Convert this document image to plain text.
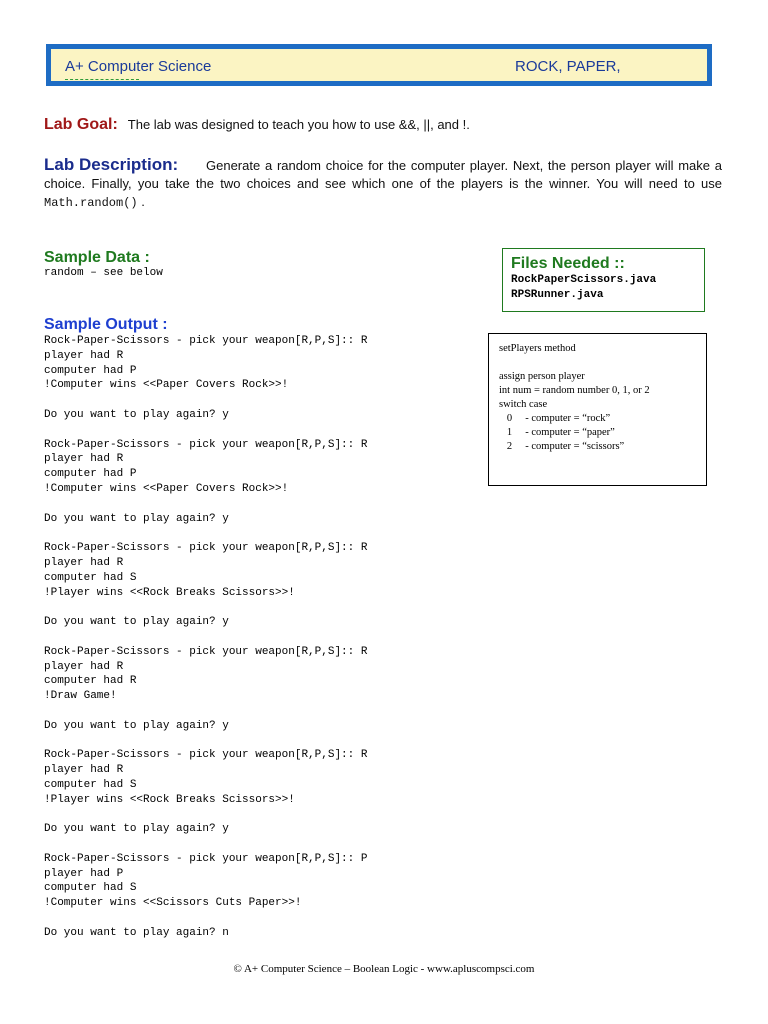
A+ Computer Science	ROCK, PAPER,
Lab Goal: The lab was designed to teach you how to use &&, ||, and !.
Lab Description:	Generate a random choice for the computer player. Next, the person player will make a choice. Finally, you take the two choices and see which one of the players is the winner. You will need to use Math.random() .
Sample Data :
random – see below
Files Needed ::
RockPaperScissors.java
RPSRunner.java
Sample Output :
Rock-Paper-Scissors - pick your weapon[R,P,S]:: R
player had R
computer had P
!Computer wins <<Paper Covers Rock>>!
Do you want to play again? y
Rock-Paper-Scissors - pick your weapon[R,P,S]:: R
player had R
computer had P
!Computer wins <<Paper Covers Rock>>!
Do you want to play again? y
Rock-Paper-Scissors - pick your weapon[R,P,S]:: R
player had R
computer had S
!Player wins <<Rock Breaks Scissors>>!
Do you want to play again? y
Rock-Paper-Scissors - pick your weapon[R,P,S]:: R
player had R
computer had R
!Draw Game!
Do you want to play again? y
Rock-Paper-Scissors - pick your weapon[R,P,S]:: R
player had R
computer had S
!Player wins <<Rock Breaks Scissors>>!
Do you want to play again? y
Rock-Paper-Scissors - pick your weapon[R,P,S]:: P
player had P
computer had S
!Computer wins <<Scissors Cuts Paper>>!
Do you want to play again? n
setPlayers method
assign person player
int num = random number 0, 1, or 2
switch case
0     - computer = “rock”
1     - computer = “paper”
2     - computer = “scissors”
© A+ Computer Science – Boolean Logic - www.apluscompsci.com
